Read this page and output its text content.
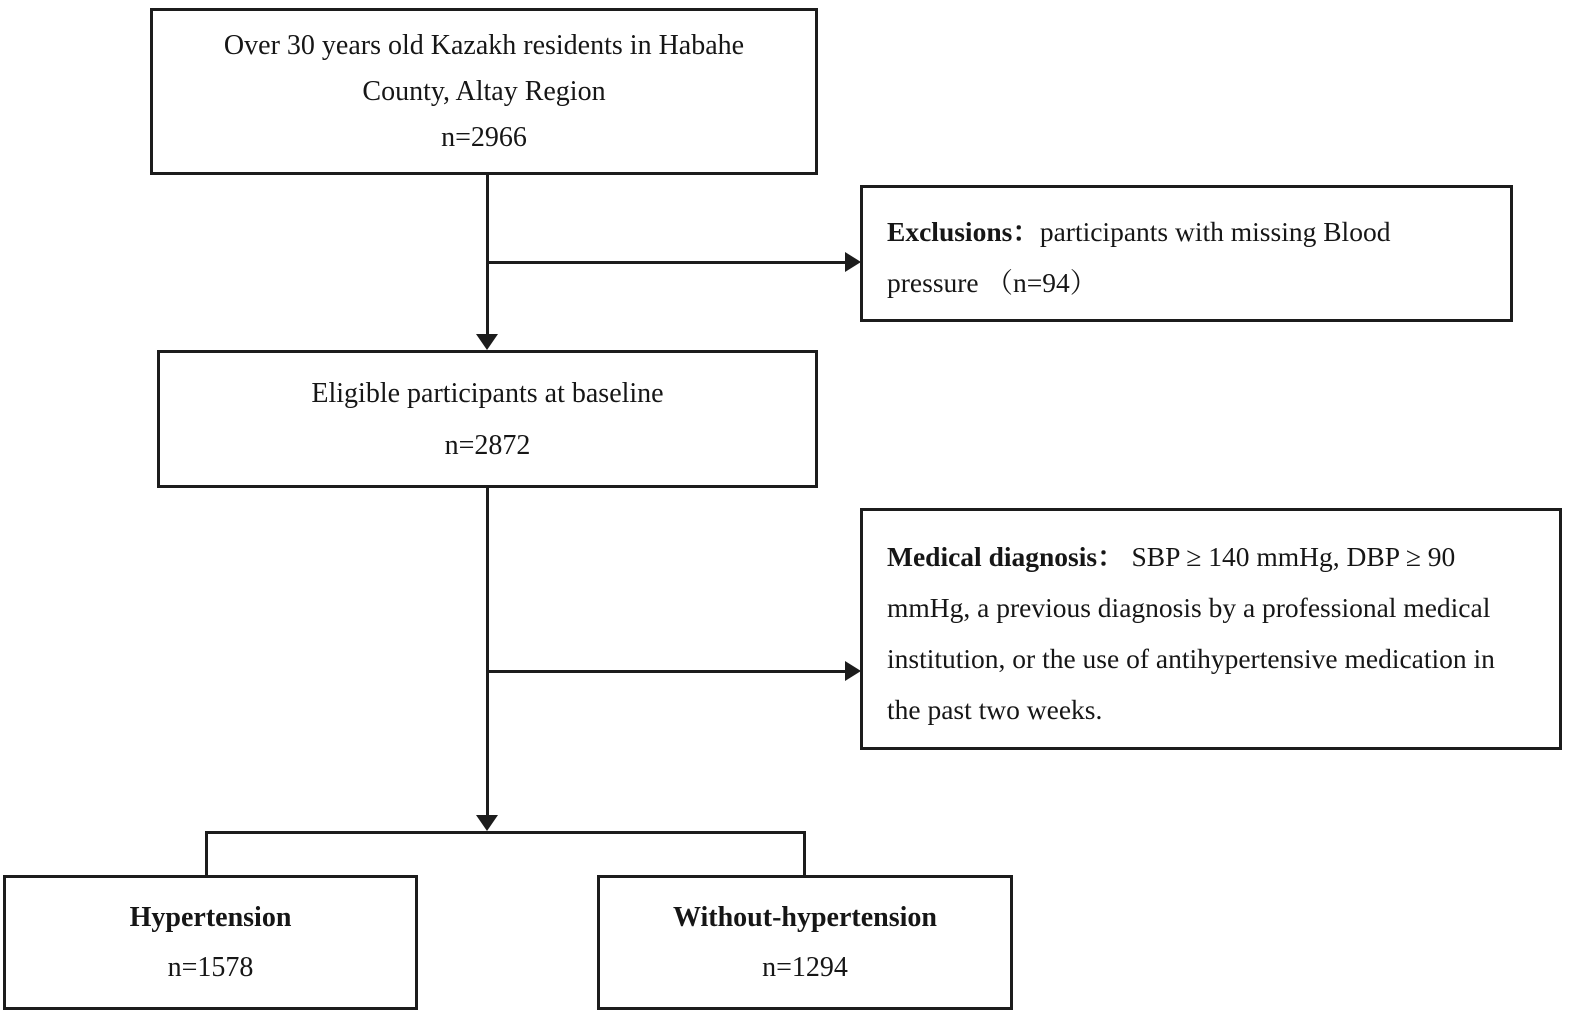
Over 30 years old Kazakh residents in Habahe
County, Altay Region
n=2966
Exclusions：participants with missing Blood pressure （n=94）
Eligible participants at baseline
n=2872
Medical diagnosis： SBP ≥ 140 mmHg, DBP ≥ 90 mmHg, a previous diagnosis by a professional medical institution, or the use of antihypertensive medication in the past two weeks.
Hypertension
n=1578
Without-hypertension
n=1294
